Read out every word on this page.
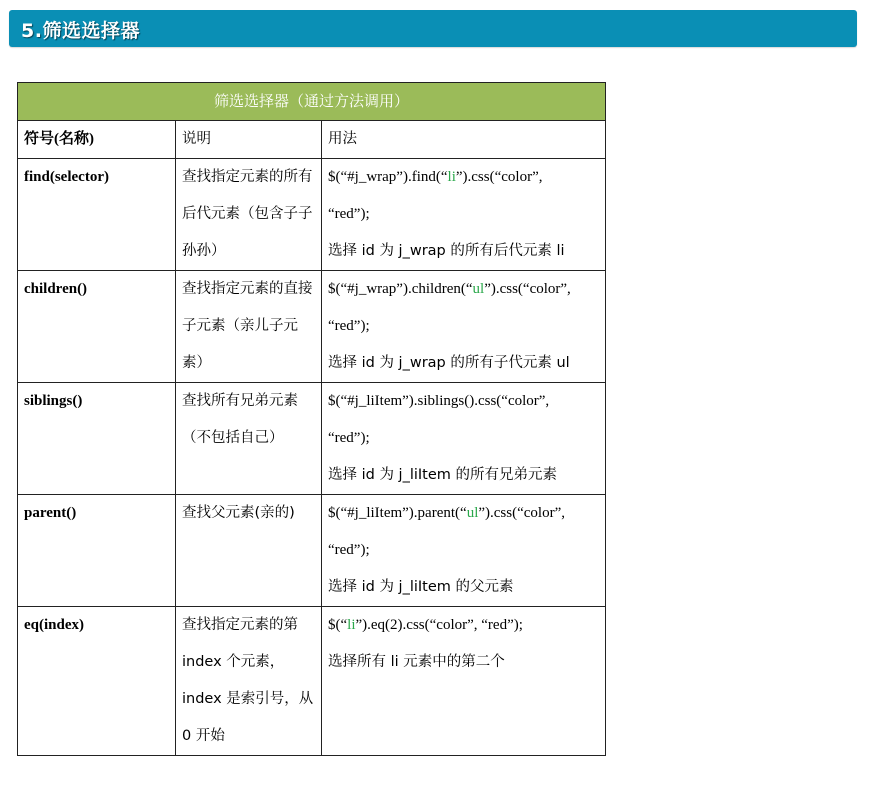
5.筛选选择器
筛选选择器（通过方法调用）		

符号(名称)	说明	用法

find(selector)	查找指定元素的所有后代元素（包含子子孙孙）	$(“#j_wrap”).find(“li”).css(“color”,
“red”);
选择 id 为 j_wrap 的所有后代元素 li

children()	查找指定元素的直接子元素（亲儿子元素）	$(“#j_wrap”).children(“ul”).css(“color”,
“red”);
选择 id 为 j_wrap 的所有子代元素 ul

siblings()	查找所有兄弟元素（不包括自己）	$(“#j_liItem”).siblings().css(“color”,
“red”);
选择 id 为 j_liItem 的所有兄弟元素

parent()	查找父元素(亲的)	$(“#j_liItem”).parent(“ul”).css(“color”,
“red”);
选择 id 为 j_liItem 的父元素

eq(index)	查找指定元素的第 index 个元素，index 是索引号，从 0 开始	$(“li”).eq(2).css(“color”, “red”);
选择所有 li 元素中的第二个
